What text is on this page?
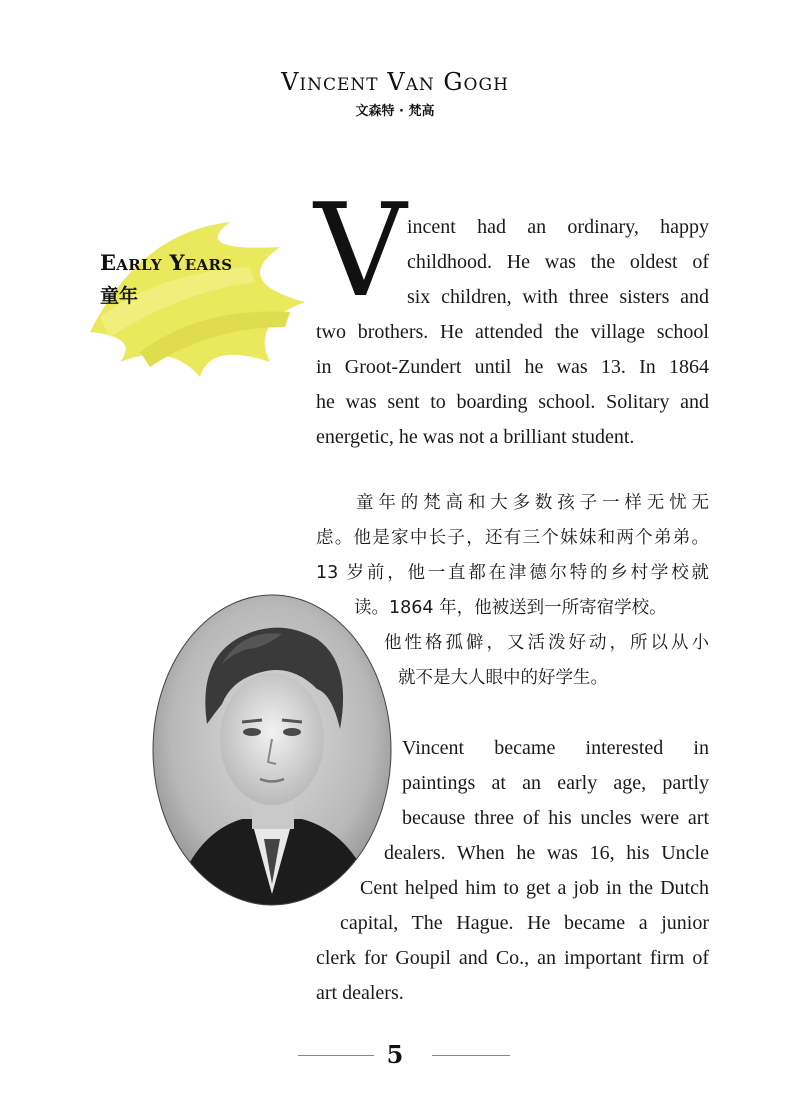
Vincent Van Gogh
文森特 · 梵高
Early Years
童年	V incent had an ordinary, happy
childhood. He was the oldest of
six children, with three sisters and
two brothers. He attended the village school
in Groot-Zundert until he was 13. In 1864
he was sent to boarding school. Solitary and
energetic, he was not a brilliant student.
童年的梵高和大多数孩子一样无忧无
虑。他是家中长子，还有三个妹妹和两个弟弟。
13 岁前，他一直都在津德尔特的乡村学校就
读。1864 年，他被送到一所寄宿学校。
他性格孤僻，又活泼好动，所以从小
就不是大人眼中的好学生。
Vincent became interested in
paintings at an early age, partly
because three of his uncles were art
dealers. When he was 16, his Uncle
Cent helped him to get a job in the Dutch
capital, The Hague. He became a junior
clerk for Goupil and Co., an important firm of
art dealers.
5
